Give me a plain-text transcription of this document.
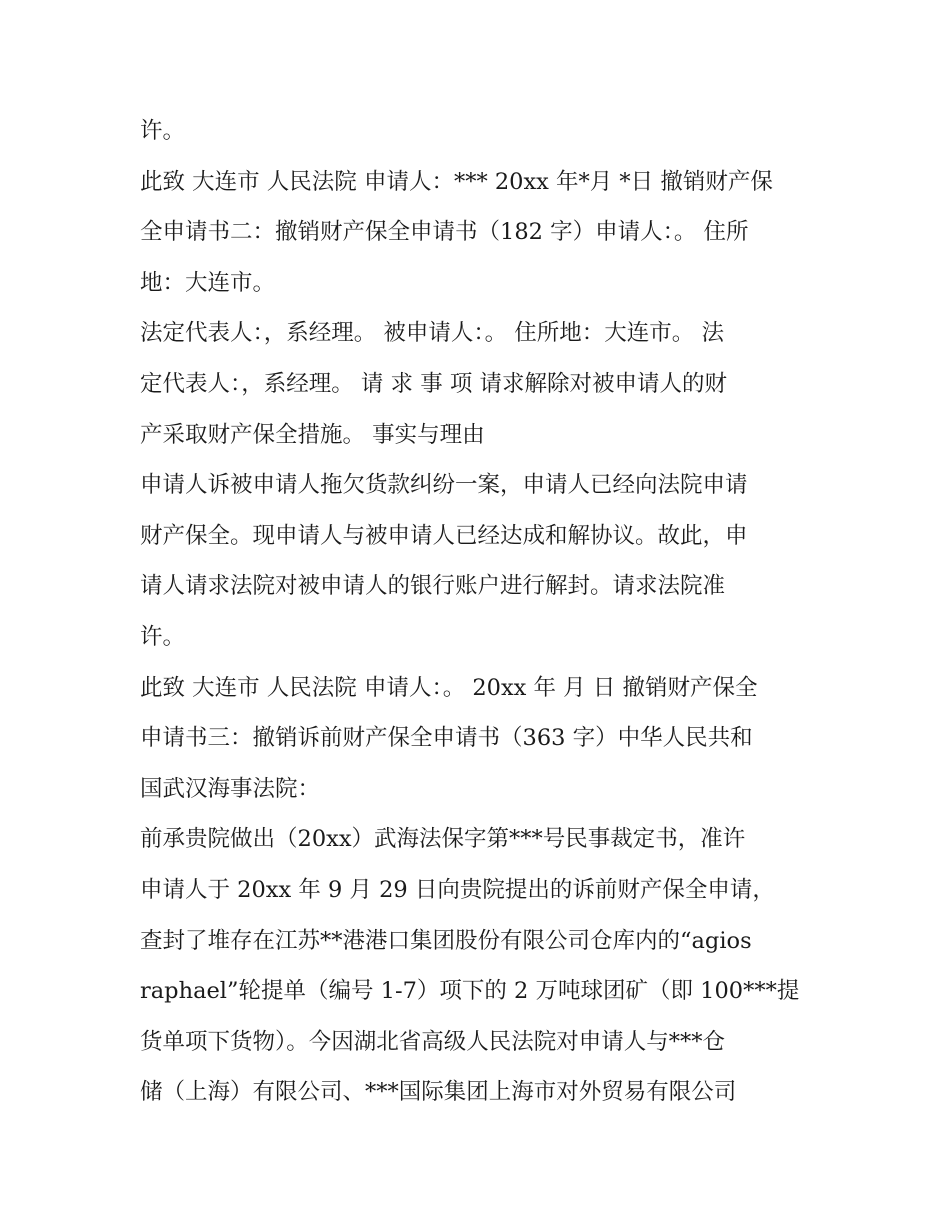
许。
此致 大连市 人民法院 申请人：*** 20xx 年*月 *日 撤销财产保
全申请书二：撤销财产保全申请书（182 字）申请人：。 住所
地：大连市。
法定代表人：，系经理。 被申请人：。 住所地：大连市。 法
定代表人：，系经理。 请 求 事 项 请求解除对被申请人的财
产采取财产保全措施。 事实与理由
申请人诉被申请人拖欠货款纠纷一案，申请人已经向法院申请
财产保全。现申请人与被申请人已经达成和解协议。故此，申
请人请求法院对被申请人的银行账户进行解封。请求法院准
许。
此致 大连市 人民法院 申请人：。 20xx 年 月 日 撤销财产保全
申请书三：撤销诉前财产保全申请书（363 字）中华人民共和
国武汉海事法院：
前承贵院做出（20xx）武海法保字第***号民事裁定书，准许
申请人于 20xx 年 9 月 29 日向贵院提出的诉前财产保全申请，
查封了堆存在江苏**港港口集团股份有限公司仓库内的“agios
raphael”轮提单（编号 1-7）项下的 2 万吨球团矿（即 100***提
货单项下货物）。今因湖北省高级人民法院对申请人与***仓
储（上海）有限公司、***国际集团上海市对外贸易有限公司
